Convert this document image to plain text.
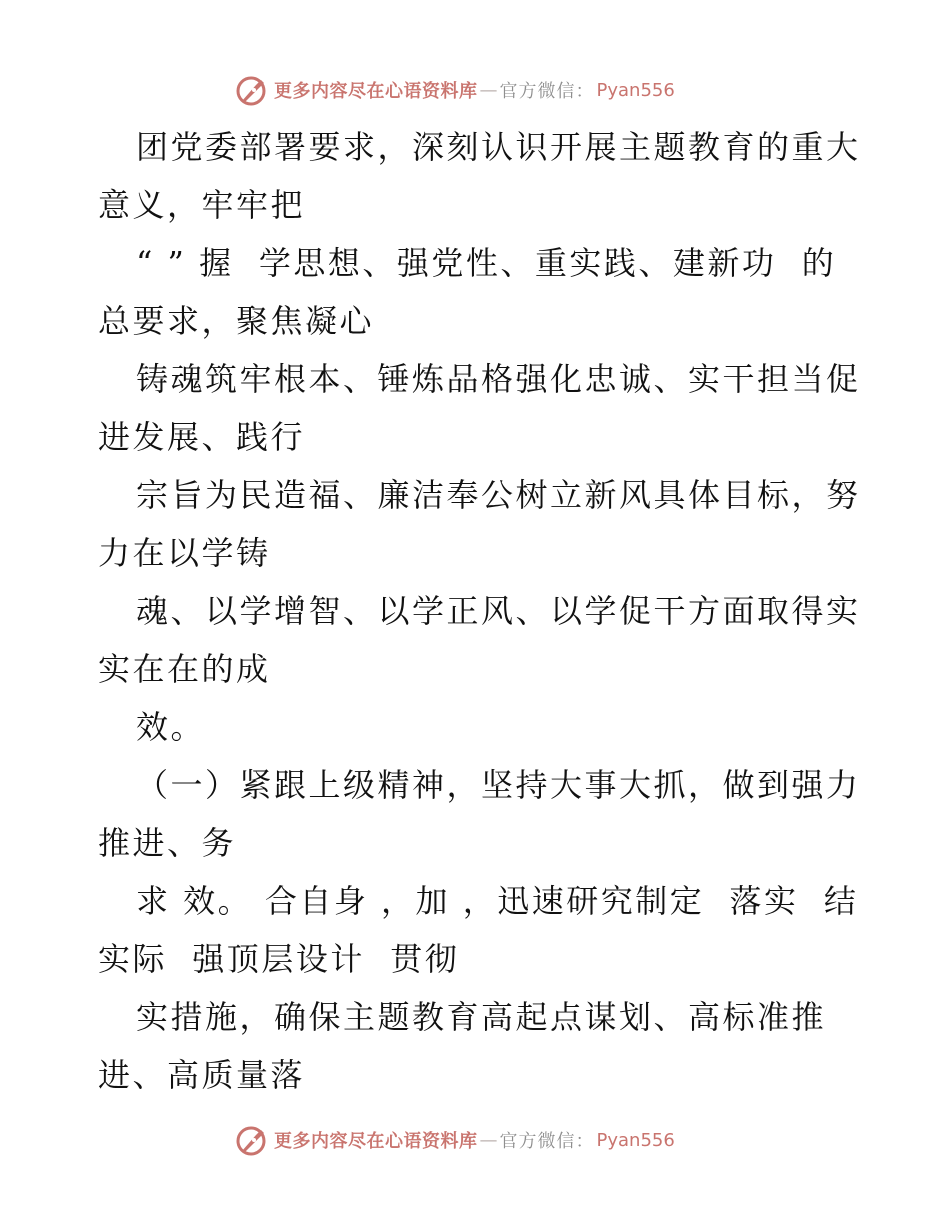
更多内容尽在心语资料库 — 官方微信： Pyan556
团党委部署要求，深刻认识开展主题教育的重大
意义，牢牢把
“ ” 握  学思想、强党性、重实践、建新功  的
总要求，聚焦凝心
铸魂筑牢根本、锤炼品格强化忠诚、实干担当促
进发展、践行
宗旨为民造福、廉洁奉公树立新风具体目标，努
力在以学铸
魂、以学增智、以学正风、以学促干方面取得实
实在在的成
效。
（一）紧跟上级精神，坚持大事大抓，做到强力
推进、务
求 效。 合自身 ，加 ，迅速研究制定  落实  结
实际  强顶层设计  贯彻
实措施，确保主题教育高起点谋划、高标准推
进、高质量落
更多内容尽在心语资料库 — 官方微信： Pyan556
